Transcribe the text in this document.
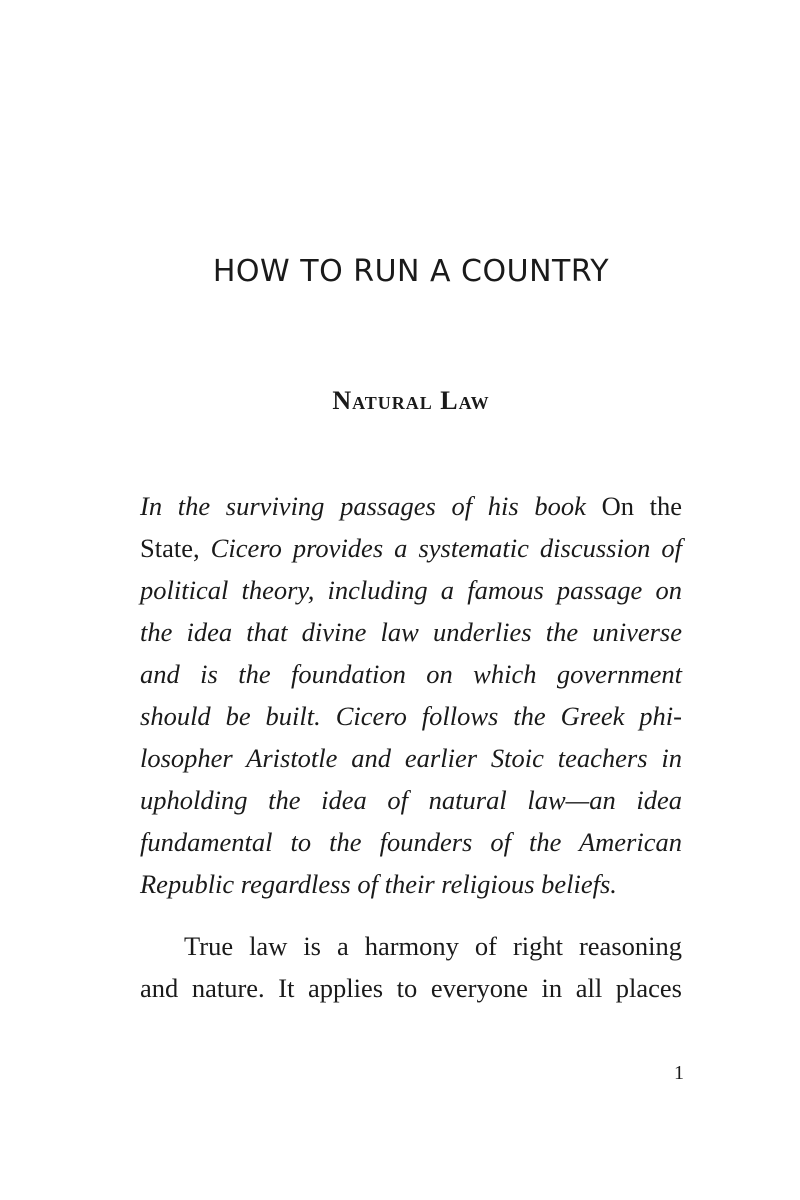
HOW TO RUN A COUNTRY
Natural Law
In the surviving passages of his book On the
State, Cicero provides a systematic discussion of
political theory, including a famous passage on
the idea that divine law underlies the universe
and is the foundation on which government
should be built. Cicero follows the Greek phi-
losopher Aristotle and earlier Stoic teachers in
upholding the idea of natural law—an idea
fundamental to the founders of the American
Republic regardless of their religious beliefs.
True law is a harmony of right reasoning
and nature. It applies to everyone in all places
1
